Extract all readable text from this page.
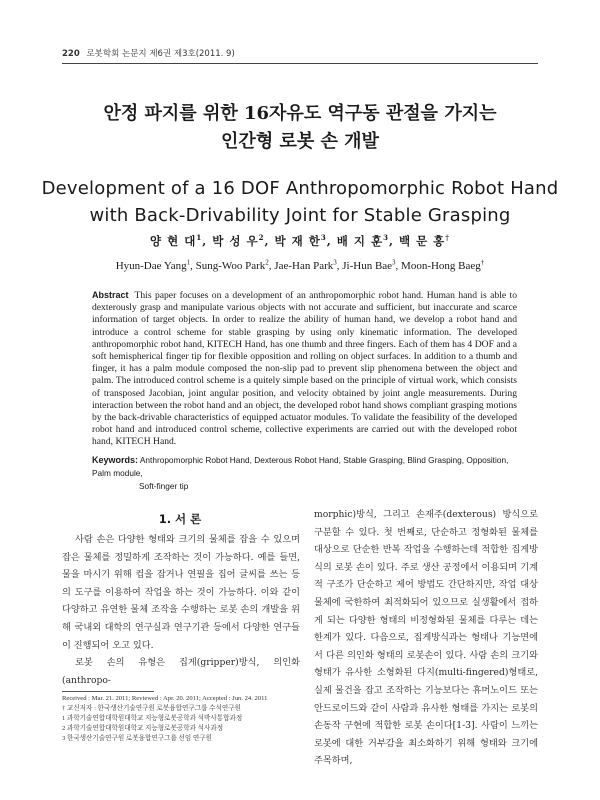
220 로봇학회 논문지 제6권 제3호(2011. 9)
안정 파지를 위한 16자유도 역구동 관절을 가지는
인간형 로봇 손 개발
Development of a 16 DOF Anthropomorphic Robot Hand
with Back-Drivability Joint for Stable Grasping
양 현 대$^1$, 박 성 우$^2$, 박 재 한$^3$, 배 지 훈$^3$, 백 문 홍†
Hyun-Dae Yang$^1$, Sung-Woo Park$^2$, Jae-Han Park$^3$, Ji-Hun Bae$^3$, Moon-Hong Baeg†
Abstract This paper focuses on a development of an anthropomorphic robot hand. Human hand is able to dexterously grasp and manipulate various objects with not accurate and sufficient, but inaccurate and scarce information of target objects. In order to realize the ability of human hand, we develop a robot hand and introduce a control scheme for stable grasping by using only kinematic information. The developed anthropomorphic robot hand, KITECH Hand, has one thumb and three fingers. Each of them has 4 DOF and a soft hemispherical finger tip for flexible opposition and rolling on object surfaces. In addition to a thumb and finger, it has a palm module composed the non-slip pad to prevent slip phenomena between the object and palm. The introduced control scheme is a quitely simple based on the principle of virtual work, which consists of transposed Jacobian, joint angular position, and velocity obtained by joint angle measurements. During interaction between the robot hand and an object, the developed robot hand shows compliant grasping motions by the back-drivable characteristics of equipped actuator modules. To validate the feasibility of the developed robot hand and introduced control scheme, collective experiments are carried out with the developed robot hand, KITECH Hand.
Keywords: Anthropomorphic Robot Hand, Dexterous Robot Hand, Stable Grasping, Blind Grasping, Opposition, Palm module,
Soft-finger tip
1. 서 론

사람 손은 다양한 형태와 크기의 물체를 잡을 수 있으며 잡은 물체를 정밀하게 조작하는 것이 가능하다. 예를 들면, 물을 마시기 위해 컵을 잡거나 연필을 집어 글씨를 쓰는 등의 도구를 이용하여 작업을 하는 것이 가능하다. 이와 같이 다양하고 유연한 물체 조작을 수행하는 로봇 손의 개발을 위해 국내외 대학의 연구실과 연구기관 등에서 다양한 연구들이 진행되어 오고 있다.

로봇 손의 유형은 집게(gripper)방식, 의인화(anthropo-

morphic)방식, 그리고 손재주(dexterous) 방식으로 구분할 수 있다. 첫 번째로, 단순하고 정형화된 물체를 대상으로 단순한 반복 작업을 수행하는데 적합한 집게방식의 로봇 손이 있다. 주로 생산 공정에서 이용되며 기계적 구조가 단순하고 제어 방법도 간단하지만, 작업 대상 물체에 국한하여 최적화되어 있으므로 실생활에서 접하게 되는 다양한 형태의 비정형화된 물체를 다루는 데는 한계가 있다. 다음으로, 집게방식과는 형태나 기능면에서 다른 의인화 형태의 로봇손이 있다. 사람 손의 크기와 형태가 유사한 소형화된 다지(multi-fingered)형태로, 실제 물건을 잡고 조작하는 기능보다는 휴머노이드 또는 안드로이드와 같이 사람과 유사한 형태를 가지는 로봇의 손동작 구현에 적합한 로봇 손이다[1-3]. 사람이 느끼는 로봇에 대한 거부감을 최소화하기 위해 형태와 크기에 주목하며,

Received : Mar. 21. 2011; Reviewed : Apr. 20. 2011; Accepted : Jun. 24. 2011
† 교신저자 : 한국생산기술연구원 로봇융합연구그룹 수석연구원
1 과학기술연합대학원대학교 지능형로봇공학과 석박사통합과정
2 과학기술연합대학원대학교 지능형로봇공학과 석사과정
3 한국생산기술연구원 로봇융합연구그룹 선임 연구원
